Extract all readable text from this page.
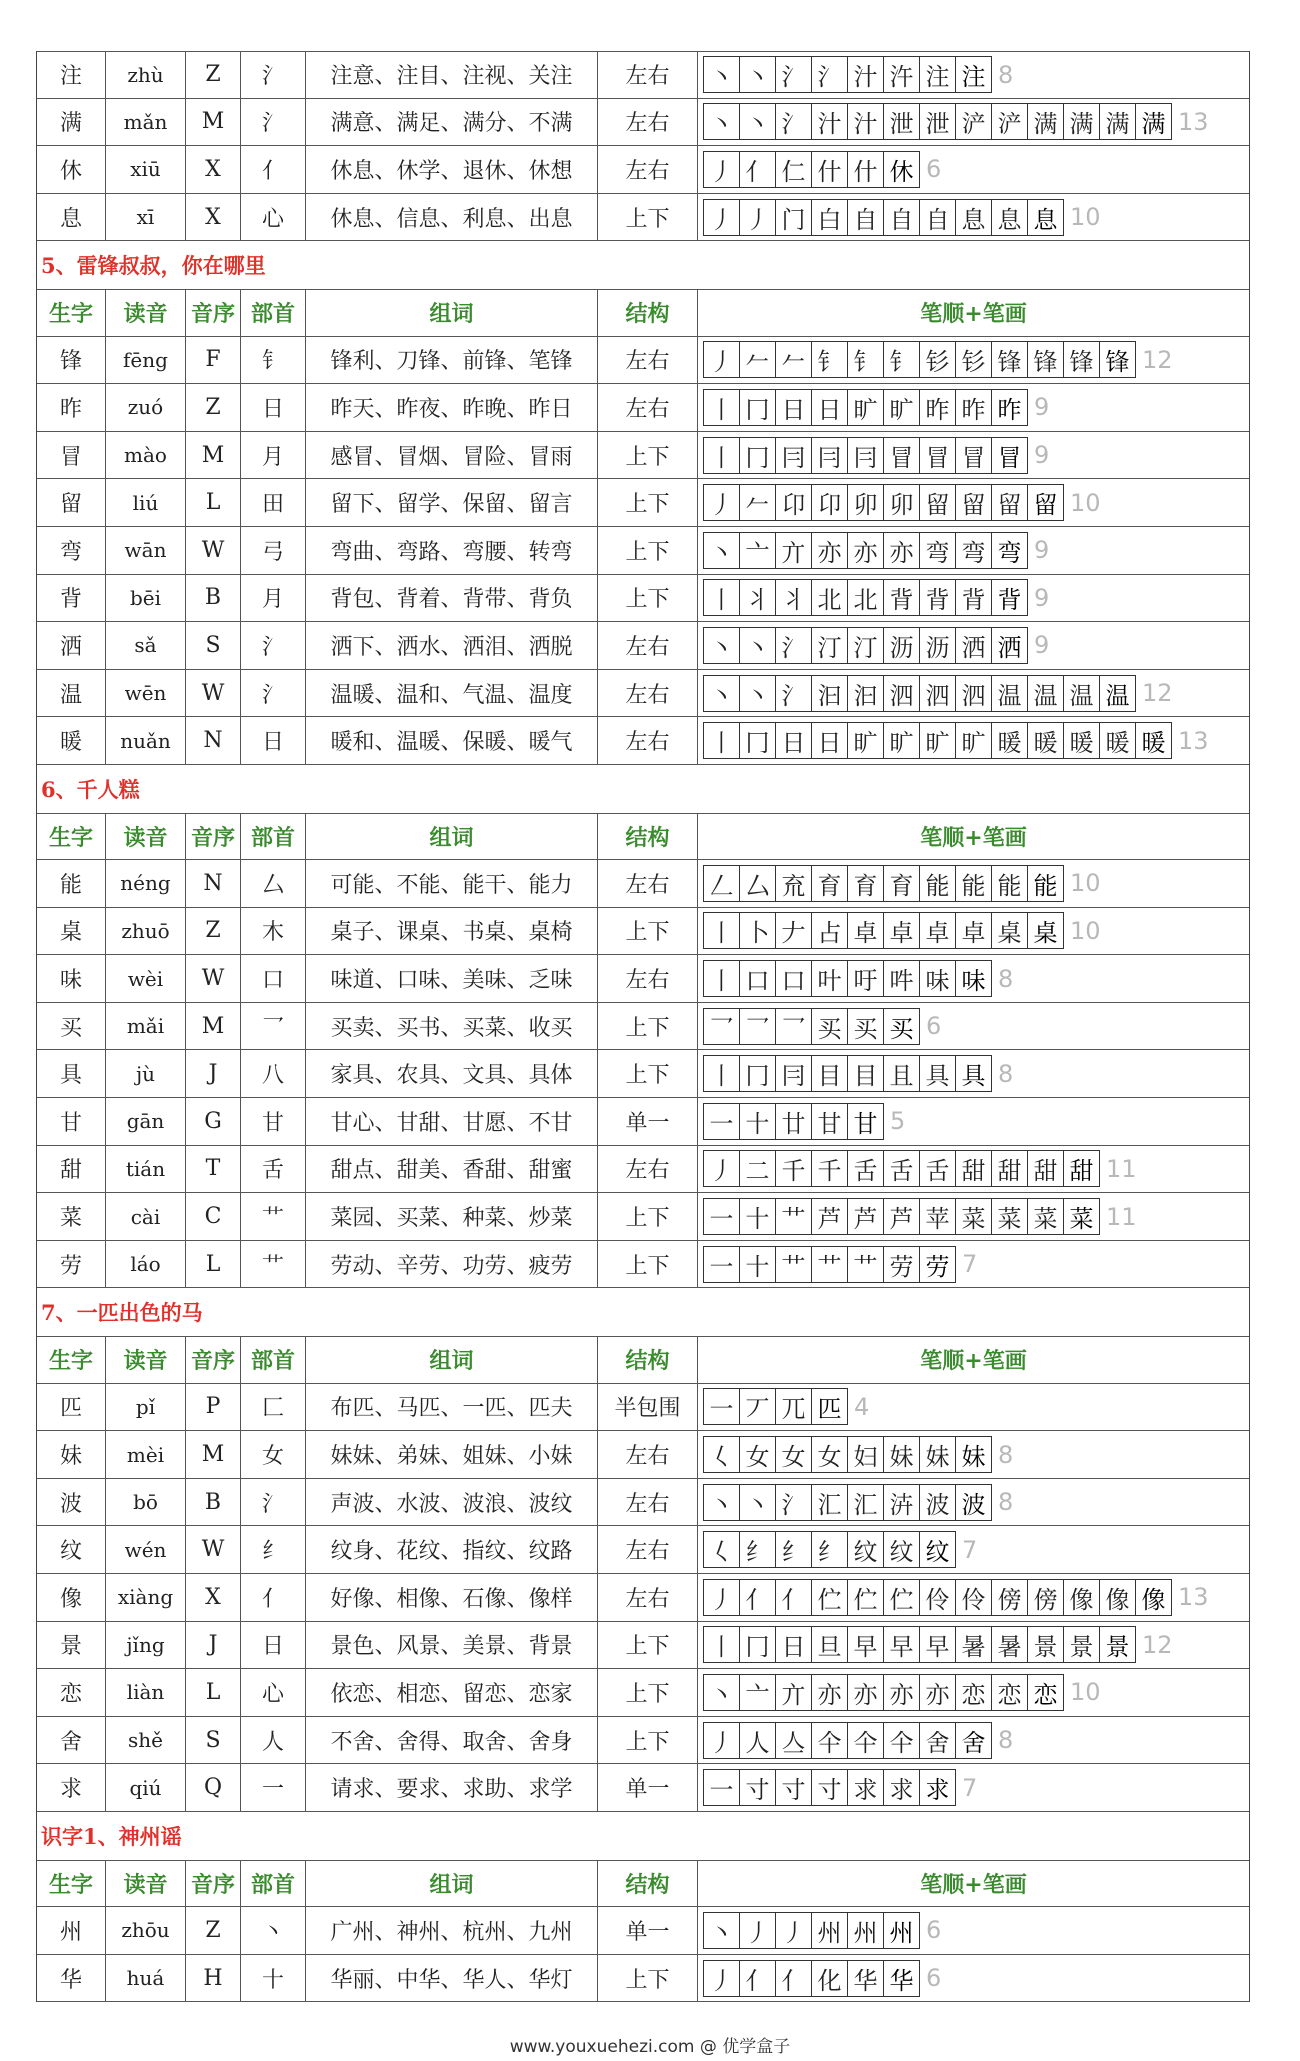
注	zhù	Z	氵	注意、注目、注视、关注	左右	丶 丶 氵 氵 汁 汻 注 注 8
满	mǎn	M	氵	满意、满足、满分、不满	左右	丶 丶 氵 汁 汁 泄 泄 浐 浐 满 满 满 满 13
休	xiū	X	亻	休息、休学、退休、休想	左右	丿 亻 仁 什 什 休 6
息	xī	X	心	休息、信息、利息、出息	上下	丿 丿 门 白 自 自 自 息 息 息 10
5、雷锋叔叔，你在哪里
生字	读音	音序 部首	组词	结构	笔顺+笔画
锋	fēng	F	钅	锋利、刀锋、前锋、笔锋	左右	丿 𠂉 𠂉 钅 钅 钅 钐 钐 锋 锋 锋 锋 12
昨	zuó	Z	日	昨天、昨夜、昨晚、昨日	左右	丨 冂 日 日 旷 旷 昨 昨 昨 9
冒	mào	M	月	感冒、冒烟、冒险、冒雨	上下	丨 冂 冃 冃 冃 冒 冒 冒 冒 9
留	liú	L	田	留下、留学、保留、留言	上下	丿 𠂉 卬 卬 卯 卯 留 留 留 留 10
弯	wān	W	弓	弯曲、弯路、弯腰、转弯	上下	丶 亠 亣 亦 亦 亦 弯 弯 弯 9
背	bēi	B	月	背包、背着、背带、背负	上下	丨 丬 丬 北 北 背 背 背 背 9
洒	sǎ	S	氵	洒下、洒水、洒泪、洒脱	左右	丶 丶 氵 汀 汀 沥 沥 洒 洒 9
温	wēn	W	氵	温暖、温和、气温、温度	左右	丶 丶 氵 汩 汩 泗 泗 泗 温 温 温 温 12
暖	nuǎn	N	日	暖和、温暖、保暖、暖气	左右	丨 冂 日 日 旷 旷 旷 旷 暖 暖 暖 暖 暖 13
6、千人糕
生字	读音	音序 部首	组词	结构	笔顺+笔画
能	néng	N	厶	可能、不能、能干、能力	左右	𠃋 厶 㐬 育 育 育 能 能 能 能 10
桌	zhuō	Z	木	桌子、课桌、书桌、桌椅	上下	丨 卜 𠂇 占 卓 卓 卓 卓 桌 桌 10
味	wèi	W	口	味道、口味、美味、乏味	左右	丨 口 口 叶 吁 吽 味 味 8
买	mǎi	M	乛	买卖、买书、买菜、收买	上下	乛 乛 乛 买 买 买 6
具	jù	J	八	家具、农具、文具、具体	上下	丨 冂 冃 目 目 且 具 具 8
甘	gān	G	甘	甘心、甘甜、甘愿、不甘	单一	一 十 廿 甘 甘 5
甜	tián	T	舌	甜点、甜美、香甜、甜蜜	左右	丿 二 千 千 舌 舌 舌 甜 甜 甜 甜 11
菜	cài	C	艹	菜园、买菜、种菜、炒菜	上下	一 十 艹 芦 芦 芦 苹 菜 菜 菜 菜 11
劳	láo	L	艹	劳动、辛劳、功劳、疲劳	上下	一 十 艹 艹 艹 劳 劳 7
7、一匹出色的马
生字	读音	音序 部首	组词	结构	笔顺+笔画
匹	pǐ	P	匚	布匹、马匹、一匹、匹夫	半包围	一 丆 兀 匹 4
妹	mèi	M	女	妹妹、弟妹、姐妹、小妹	左右	𡿨 女 女 女 妇 妹 妹 妹 8
波	bō	B	氵	声波、水波、波浪、波纹	左右	丶 丶 氵 汇 汇 泋 波 波 8
纹	wén	W	纟	纹身、花纹、指纹、纹路	左右	𡿨 纟 纟 纟 纹 纹 纹 7
像	xiàng	X	亻	好像、相像、石像、像样	左右	丿 亻 亻 伫 伫 伫 伶 伶 傍 傍 像 像 像 13
景	jǐng	J	日	景色、风景、美景、背景	上下	丨 冂 日 旦 早 早 早 暑 暑 景 景 景 12
恋	liàn	L	心	依恋、相恋、留恋、恋家	上下	丶 亠 亣 亦 亦 亦 亦 恋 恋 恋 10
舍	shě	S	人	不舍、舍得、取舍、舍身	上下	丿 人 亼 仐 仐 仐 舍 舍 8
求	qiú	Q	一	请求、要求、求助、求学	单一	一 寸 寸 寸 求 求 求 7
识字1、神州谣
生字	读音	音序 部首	组词	结构	笔顺+笔画
州	zhōu	Z	丶	广州、神州、杭州、九州	单一	丶 丿 丿 州 州 州 6
华	huá	H	十	华丽、中华、华人、华灯	上下	丿 亻 亻 化 华 华 6
www.youxuehezi.com @ 优学盒子
